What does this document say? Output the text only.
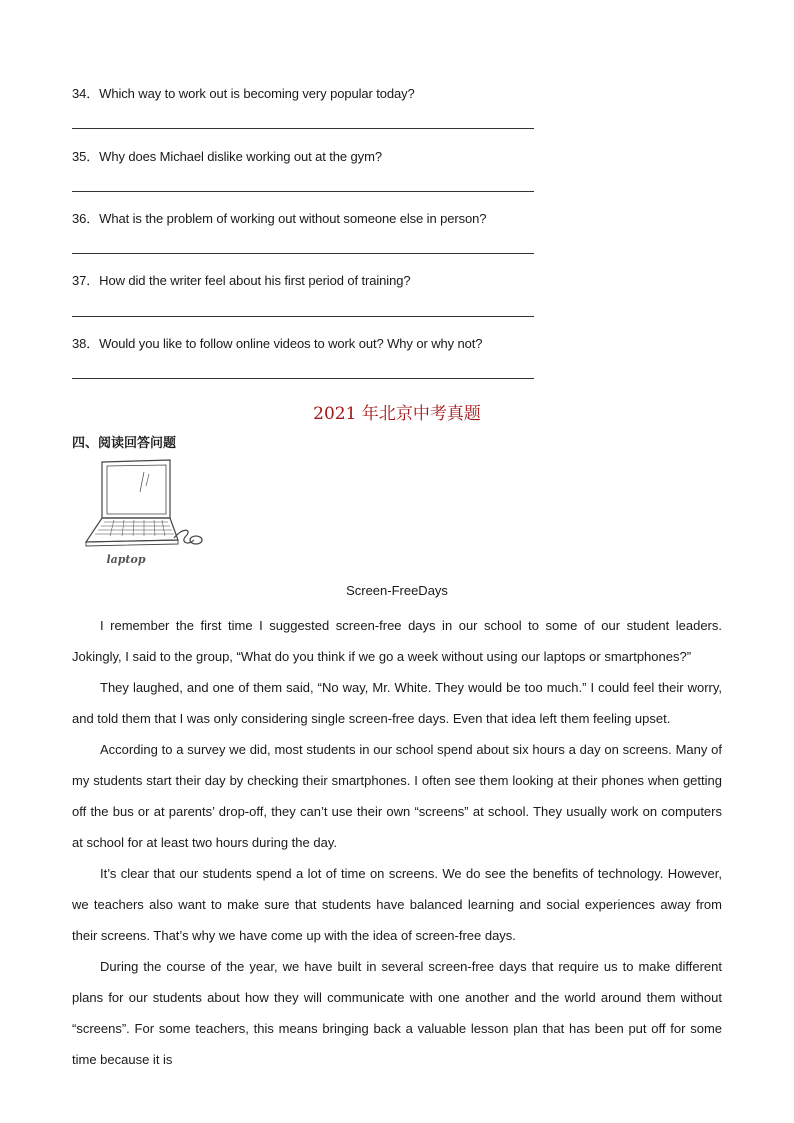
34．Which way to work out is becoming very popular today?
35．Why does Michael dislike working out at the gym?
36．What is the problem of working out without someone else in person?
37．How did the writer feel about his first period of training?
38．Would you like to follow online videos to work out? Why or why not?
2021 年北京中考真题
四、阅读回答问题
laptop
Screen-FreeDays

I remember the first time I suggested screen-free days in our school to some of our student leaders. Jokingly, I said to the group, “What do you think if we go a week without using our laptops or smartphones?”

They laughed, and one of them said, “No way, Mr. White. They would be too much.” I could feel their worry, and told them that I was only considering single screen-free days. Even that idea left them feeling upset.

According to a survey we did, most students in our school spend about six hours a day on screens. Many of my students start their day by checking their smartphones. I often see them looking at their phones when getting off the bus or at parents’ drop-off, they can’t use their own “screens” at school. They usually work on computers at school for at least two hours during the day.

It’s clear that our students spend a lot of time on screens. We do see the benefits of technology. However, we teachers also want to make sure that students have balanced learning and social experiences away from their screens. That’s why we have come up with the idea of screen-free days.

During the course of the year, we have built in several screen-free days that require us to make different plans for our students about how they will communicate with one another and the world around them without “screens”. For some teachers, this means bringing back a valuable lesson plan that has been put off for some time because it is
